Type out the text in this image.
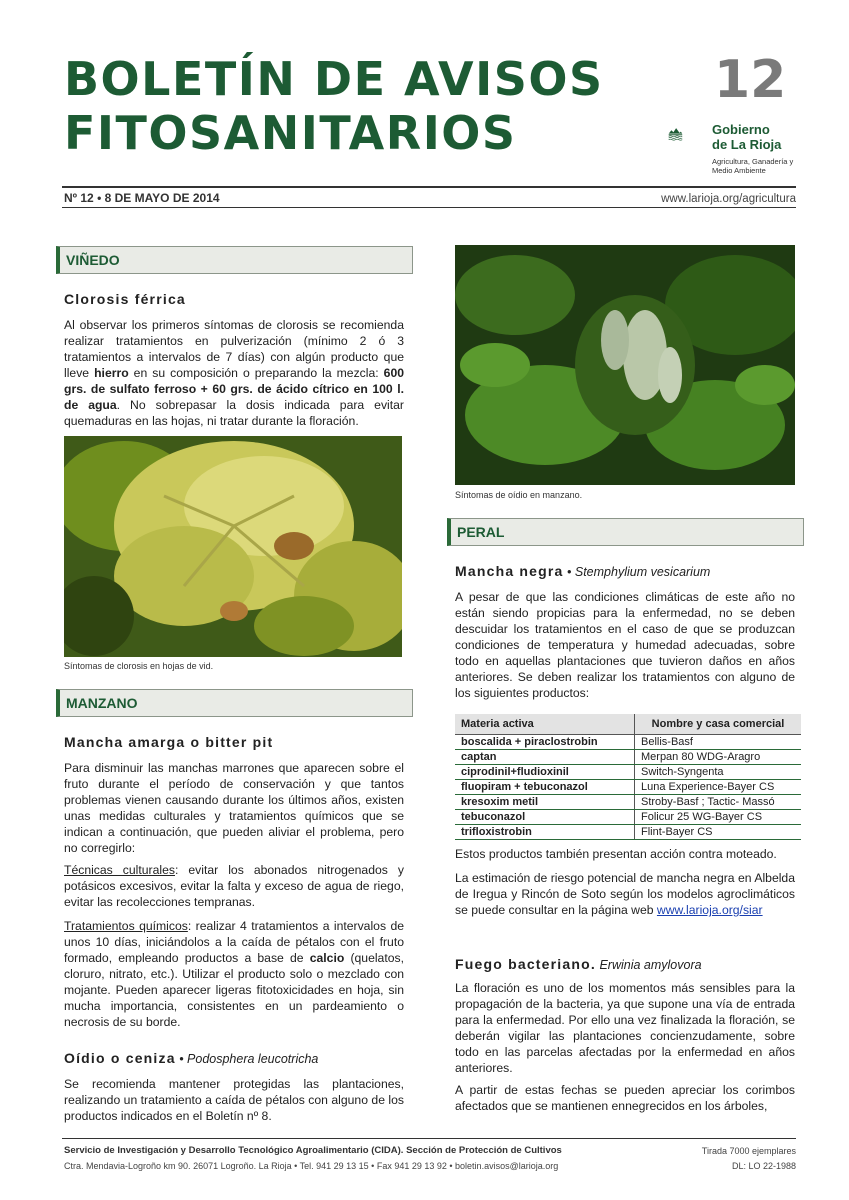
BOLETÍN DE AVISOS
FITOSANITARIOS
12
Gobierno
de La Rioja
Agricultura, Ganadería y Medio Ambiente
Nº 12 • 8 DE MAYO DE 2014	www.larioja.org/agricultura
VIÑEDO
Clorosis férrica

Al observar los primeros síntomas de clorosis se recomienda realizar tratamientos en pulverización (mínimo 2 ó 3 tratamientos a intervalos de 7 días) con algún producto que lleve hierro en su composición o preparando la mezcla: 600 grs. de sulfato ferroso + 60 grs. de ácido cítrico en 100 l. de agua. No sobrepasar la dosis indicada para evitar quemaduras en las hojas, ni tratar durante la floración.

Síntomas de clorosis en hojas de vid.
MANZANO
Mancha amarga o bitter pit

Para disminuir las manchas marrones que aparecen sobre el fruto durante el período de conservación y que tantos problemas vienen causando durante los últimos años, existen unas medidas culturales y tratamientos químicos que se indican a continuación, que pueden aliviar el problema, pero no corregirlo:

Técnicas culturales: evitar los abonados nitrogenados y potásicos excesivos, evitar la falta y exceso de agua de riego, evitar las recolecciones tempranas.

Tratamientos químicos: realizar 4 tratamientos a intervalos de unos 10 días, iniciándolos a la caída de pétalos con el fruto formado, empleando productos a base de calcio (quelatos, cloruro, nitrato, etc.). Utilizar el producto solo o mezclado con mojante. Pueden aparecer ligeras fitotoxicidades en hoja, sin mucha importancia, consistentes en un pardeamiento o necrosis de su borde.

Oídio o ceniza • Podosphera leucotricha

Se recomienda mantener protegidas las plantaciones, realizando un tratamiento a caída de pétalos con alguno de los productos indicados en el Boletín nº 8.

Síntomas de oídio en manzano.
PERAL
Mancha negra • Stemphylium vesicarium

A pesar de que las condiciones climáticas de este año no están siendo propicias para la enfermedad, no se deben descuidar los tratamientos en el caso de que se produzcan condiciones de temperatura y humedad adecuadas, sobre todo en aquellas plantaciones que tuvieron daños en años anteriores. Se deben realizar los tratamientos con alguno de los siguientes productos:

Materia activa	Nombre y casa comercial
boscalida + piraclostrobin	Bellis-Basf
captan	Merpan 80 WDG-Aragro
ciprodinil+fludioxinil	Switch-Syngenta
fluopiram + tebuconazol	Luna Experience-Bayer CS
kresoxim metil	Stroby-Basf ; Tactic- Massó
tebuconazol	Folicur 25 WG-Bayer CS
trifloxistrobin	Flint-Bayer CS

Estos productos también presentan acción contra moteado.

La estimación de riesgo potencial de mancha negra en Albelda de Iregua y Rincón de Soto según los modelos agroclimáticos se puede consultar en la página web www.larioja.org/siar

Fuego bacteriano. Erwinia amylovora

La floración es uno de los momentos más sensibles para la propagación de la bacteria, ya que supone una vía de entrada para la enfermedad. Por ello una vez finalizada la floración, se deberán vigilar las plantaciones concienzudamente, sobre todo en las parcelas afectadas por la enfermedad en años anteriores.

A partir de estas fechas se pueden apreciar los corimbos afectados que se mantienen ennegrecidos en los árboles,

Servicio de Investigación y Desarrollo Tecnológico Agroalimentario (CIDA). Sección de Protección de Cultivos
Ctra. Mendavia-Logroño km 90. 26071 Logroño. La Rioja • Tel. 941 29 13 15 • Fax 941 29 13 92 • boletin.avisos@larioja.org
Tirada 7000 ejemplares
DL: LO 22-1988
